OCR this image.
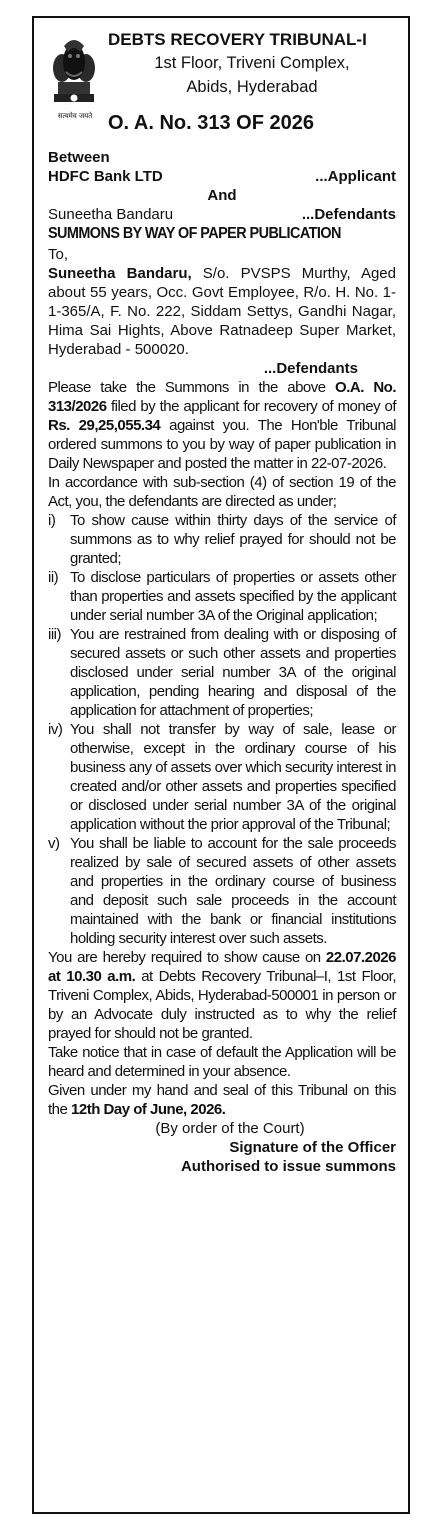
सत्यमेव जयते
DEBTS RECOVERY TRIBUNAL-I
1st Floor, Triveni Complex,
Abids, Hyderabad
O. A. No. 313 OF 2026
Between
HDFC Bank LTD	...Applicant
And
Suneetha Bandaru	...Defendants
SUMMONS BY WAY OF PAPER PUBLICATION

To,

Suneetha Bandaru, S/o. PVSPS Murthy, Aged about 55 years, Occ. Govt Employee, R/o. H. No. 1-1-365/A, F. No. 222, Siddam Settys, Gandhi Nagar, Hima Sai Hights, Above Ratnadeep Super Market, Hyderabad - 500020.
...Defendants

Please take the Summons in the above O.A. No. 313/2026 filed by the applicant for recovery of money of Rs. 29,25,055.34 against you. The Hon'ble Tribunal ordered summons to you by way of paper publication in Daily Newspaper and posted the matter in 22-07-2026.

In accordance with sub-section (4) of section 19 of the Act, you, the defendants are directed as under;

i) To show cause within thirty days of the service of summons as to why relief prayed for should not be granted;
ii) To disclose particulars of properties or assets other than properties and assets specified by the applicant under serial number 3A of the Original application;
iii) You are restrained from dealing with or disposing of secured assets or such other assets and properties disclosed under serial number 3A of the original application, pending hearing and disposal of the application for attachment of properties;
iv) You shall not transfer by way of sale, lease or otherwise, except in the ordinary course of his business any of assets over which security interest in created and/or other assets and properties specified or disclosed under serial number 3A of the original application without the prior approval of the Tribunal;
v) You shall be liable to account for the sale proceeds realized by sale of secured assets of other assets and properties in the ordinary course of business and deposit such sale proceeds in the account maintained with the bank or financial institutions holding security interest over such assets.

You are hereby required to show cause on 22.07.2026 at 10.30 a.m. at Debts Recovery Tribunal–I, 1st Floor, Triveni Complex, Abids, Hyderabad-500001 in person or by an Advocate duly instructed as to why the relief prayed for should not be granted.

Take notice that in case of default the Application will be heard and determined in your absence.

Given under my hand and seal of this Tribunal on this the 12th Day of June, 2026.

(By order of the Court)
Signature of the Officer
Authorised to issue summons
